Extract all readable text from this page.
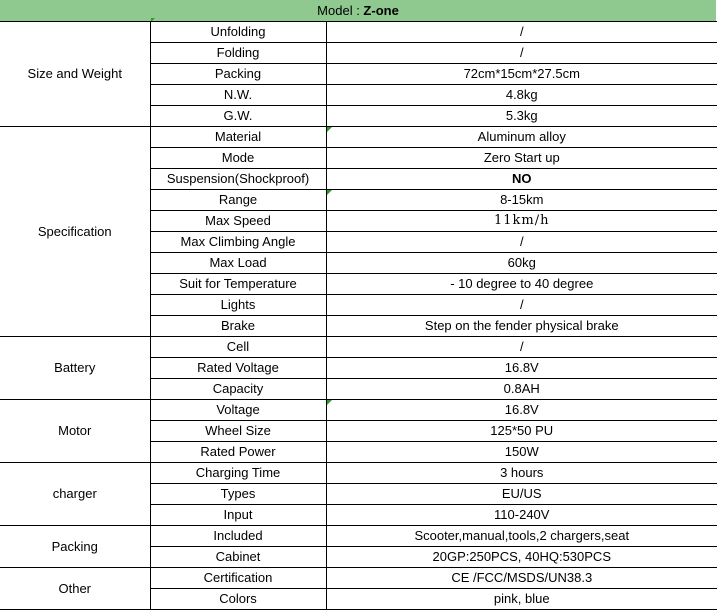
Model : Z-one
Size and Weight	Unfolding	/
	Folding	/
	Packing	72cm*15cm*27.5cm
	N.W.	4.8kg
	G.W.	5.3kg
Specification	Material	Aluminum alloy

	Mode	Zero Start up
	Suspension(Shockproof)	NO
	Range	8-15km

	Max Speed	11km/h
	Max Climbing Angle	/
	Max Load	60kg
	Suit for Temperature	- 10 degree to 40 degree
	Lights	/
	Brake	Step on the fender physical brake
Battery	Cell	/
	Rated Voltage	16.8V
	Capacity	0.8AH
Motor	Voltage	16.8V

	Wheel Size	125*50 PU
	Rated Power	150W
charger	Charging Time	3 hours
	Types	EU/US
	Input	110-240V
Packing	Included	Scooter,manual,tools,2 chargers,seat
	Cabinet	20GP:250PCS, 40HQ:530PCS
Other	Certification	CE /FCC/MSDS/UN38.3
	Colors	pink, blue
